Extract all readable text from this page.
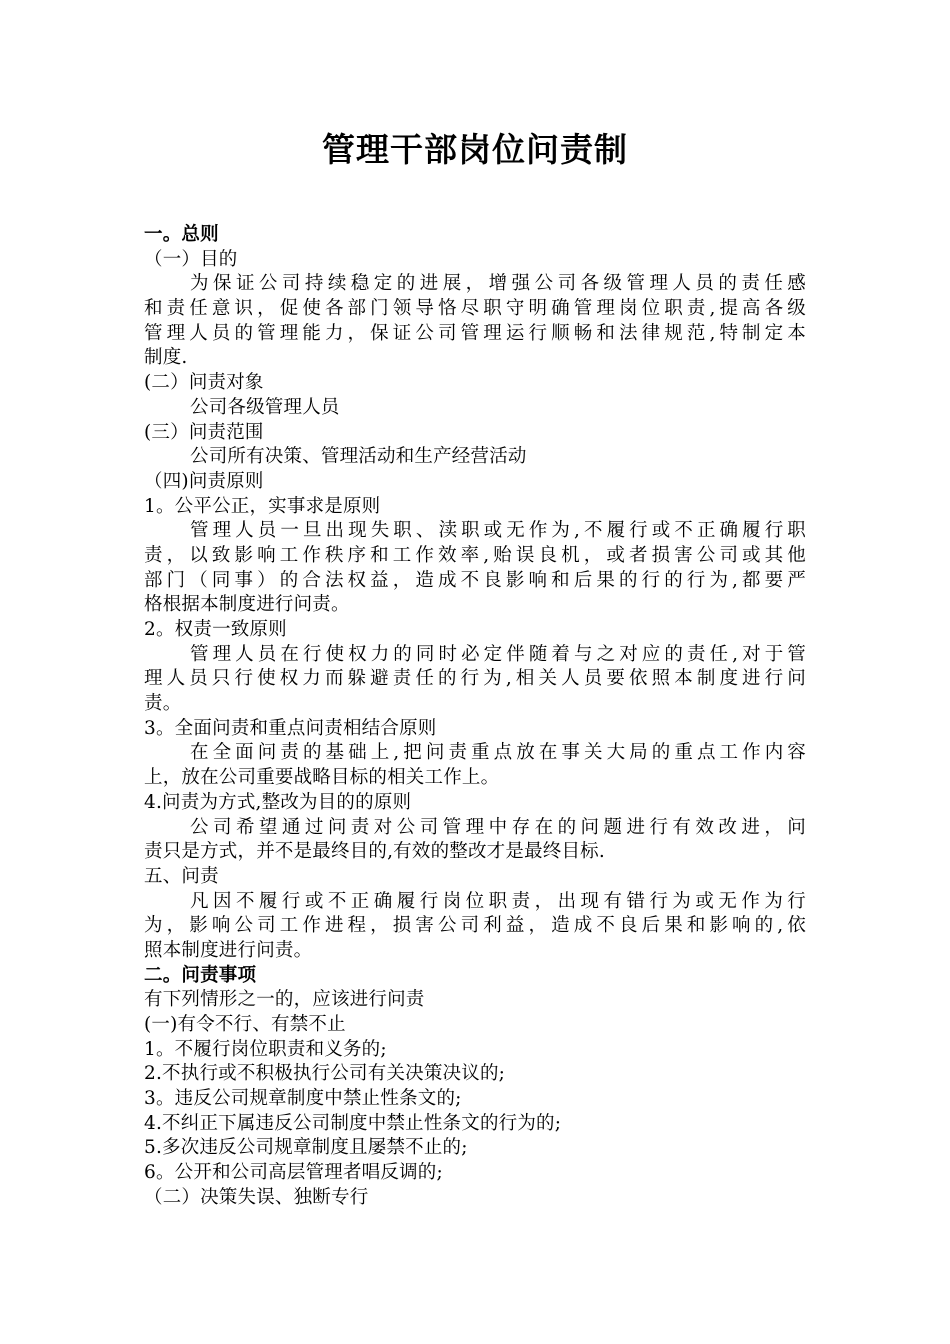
管理干部岗位问责制
一。总则
（一）目的
为保证公司持续稳定的进展，增强公司各级管理人员的责任感
和责任意识，促使各部门领导恪尽职守明确管理岗位职责,提高各级
管理人员的管理能力，保证公司管理运行顺畅和法律规范,特制定本
制度.
(二）问责对象
公司各级管理人员
(三）问责范围
公司所有决策、管理活动和生产经营活动
（四)问责原则
1。公平公正，实事求是原则
管理人员一旦出现失职、渎职或无作为,不履行或不正确履行职
责，以致影响工作秩序和工作效率,贻误良机，或者损害公司或其他
部门（同事）的合法权益，造成不良影响和后果的行的行为,都要严
格根据本制度进行问责。
2。权责一致原则
管理人员在行使权力的同时必定伴随着与之对应的责任,对于管
理人员只行使权力而躲避责任的行为,相关人员要依照本制度进行问
责。
3。全面问责和重点问责相结合原则
在全面问责的基础上,把问责重点放在事关大局的重点工作内容
上，放在公司重要战略目标的相关工作上。
4.问责为方式,整改为目的的原则
公司希望通过问责对公司管理中存在的问题进行有效改进，问
责只是方式，并不是最终目的,有效的整改才是最终目标.
五、问责
凡因不履行或不正确履行岗位职责，出现有错行为或无作为行
为，影响公司工作进程，损害公司利益，造成不良后果和影响的,依
照本制度进行问责。
二。问责事项
有下列情形之一的，应该进行问责
(一)有令不行、有禁不止
1。不履行岗位职责和义务的;
2.不执行或不积极执行公司有关决策决议的;
3。违反公司规章制度中禁止性条文的;
4.不纠正下属违反公司制度中禁止性条文的行为的;
5.多次违反公司规章制度且屡禁不止的;
6。公开和公司高层管理者唱反调的;
（二）决策失误、独断专行
